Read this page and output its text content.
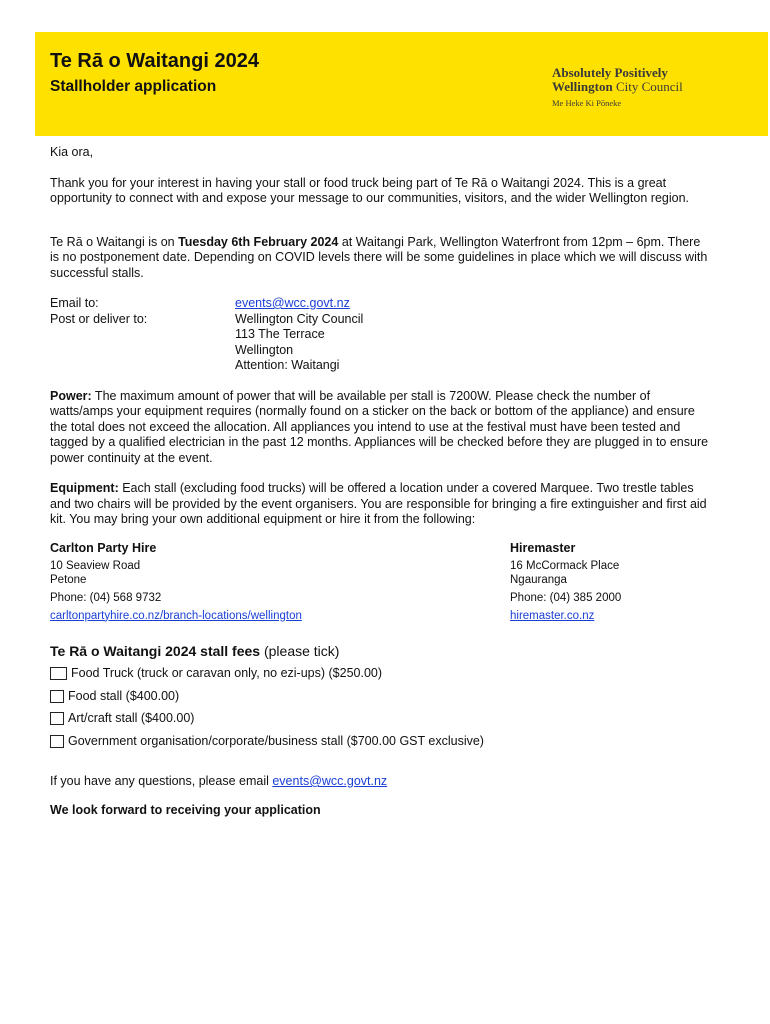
Te Rā o Waitangi 2024
Stallholder application
Absolutely Positively
Wellington City Council
Me Heke Ki Pōneke

Kia ora,

Thank you for your interest in having your stall or food truck being part of Te Rā o Waitangi 2024. This is a great opportunity to connect with and expose your message to our communities, visitors, and the wider Wellington region.

Te Rā o Waitangi is on Tuesday 6th February 2024 at Waitangi Park, Wellington Waterfront from 12pm – 6pm. There is no postponement date. Depending on COVID levels there will be some guidelines in place which we will discuss with successful stalls.

Email to:	events@wcc.govt.nz
Post or deliver to:	Wellington City Council
113 The Terrace
Wellington
Attention: Waitangi

Power: The maximum amount of power that will be available per stall is 7200W. Please check the number of watts/amps your equipment requires (normally found on a sticker on the back or bottom of the appliance) and ensure the total does not exceed the allocation. All appliances you intend to use at the festival must have been tested and tagged by a qualified electrician in the past 12 months. Appliances will be checked before they are plugged in to ensure power continuity at the event.

Equipment: Each stall (excluding food trucks) will be offered a location under a covered Marquee. Two trestle tables and two chairs will be provided by the event organisers. You are responsible for bringing a fire extinguisher and first aid kit. You may bring your own additional equipment or hire it from the following:

Carlton Party Hire
10 Seaview Road
Petone
Phone: (04) 568 9732
carltonpartyhire.co.nz/branch-locations/wellington
Hiremaster
16 McCormack Place
Ngauranga
Phone: (04) 385 2000
hiremaster.co.nz
Te Rā o Waitangi 2024 stall fees (please tick)
Food Truck (truck or caravan only, no ezi-ups) ($250.00)
Food stall ($400.00)
Art/craft stall ($400.00)
Government organisation/corporate/business stall ($700.00 GST exclusive)

If you have any questions, please email events@wcc.govt.nz

We look forward to receiving your application
